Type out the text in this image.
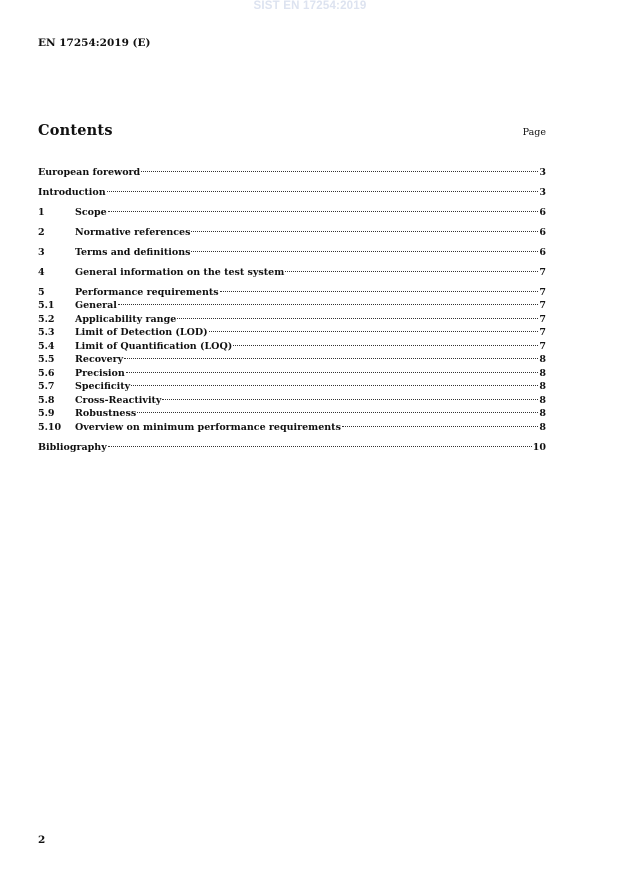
SIST EN 17254:2019
EN 17254:2019 (E)
Contents	Page
European foreword	3
Introduction	3
1	Scope	6
2	Normative references	6
3	Terms and definitions	6
4	General information on the test system	7
5	Performance requirements	7
5.1	General	7
5.2	Applicability range	7
5.3	Limit of Detection (LOD)	7
5.4	Limit of Quantification (LOQ)	7
5.5	Recovery	8
5.6	Precision	8
5.7	Specificity	8
5.8	Cross-Reactivity	8
5.9	Robustness	8
5.10	Overview on minimum performance requirements	8
Bibliography	10
2
